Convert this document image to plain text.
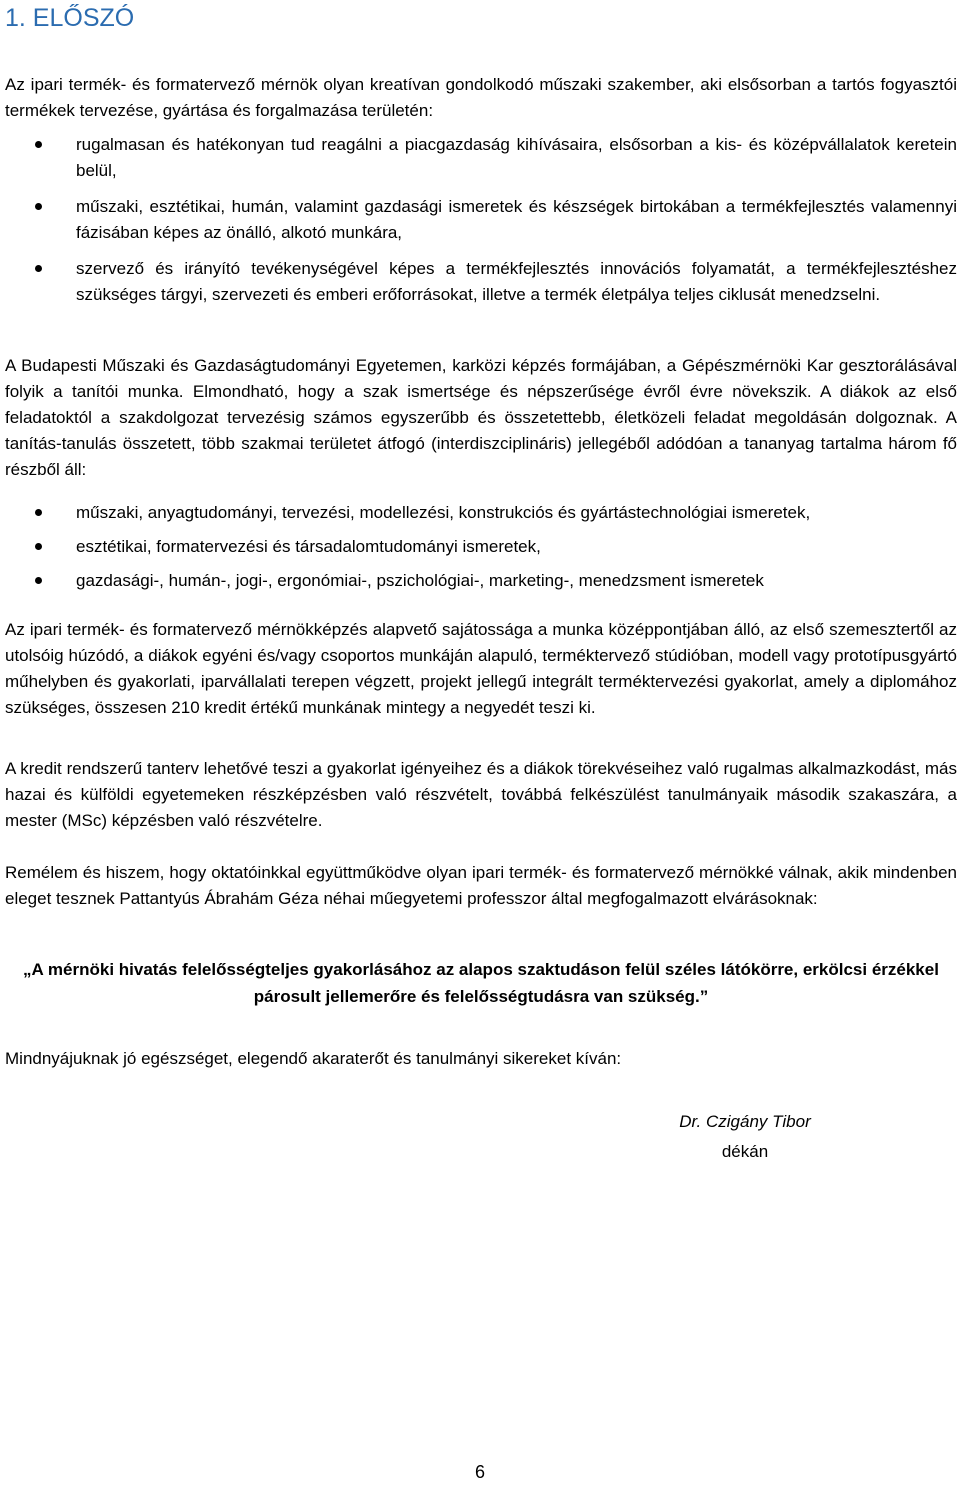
1. ELŐSZÓ

Az ipari termék- és formatervező mérnök olyan kreatívan gondolkodó műszaki szakember, aki elsősorban a tartós fogyasztói termékek tervezése, gyártása és forgalmazása területén:

rugalmasan és hatékonyan tud reagálni a piacgazdaság kihívásaira, elsősorban a kis- és középvállalatok keretein belül,
műszaki, esztétikai, humán, valamint gazdasági ismeretek és készségek birtokában a termékfejlesztés valamennyi fázisában képes az önálló, alkotó munkára,
szervező és irányító tevékenységével képes a termékfejlesztés innovációs folyamatát, a termékfejlesztéshez szükséges tárgyi, szervezeti és emberi erőforrásokat, illetve a termék életpálya teljes ciklusát menedzselni.

A Budapesti Műszaki és Gazdaságtudományi Egyetemen, karközi képzés formájában, a Gépészmérnöki Kar gesztorálásával folyik a tanítói munka. Elmondható, hogy a szak ismertsége és népszerűsége évről évre növekszik. A diákok az első feladatoktól a szakdolgozat tervezésig számos egyszerűbb és összetettebb, életközeli feladat megoldásán dolgoznak. A tanítás-tanulás összetett, több szakmai területet átfogó (interdiszciplináris) jellegéből adódóan a tananyag tartalma három fő részből áll:

műszaki, anyagtudományi, tervezési, modellezési, konstrukciós és gyártástechnológiai ismeretek,
esztétikai, formatervezési és társadalomtudományi ismeretek,
gazdasági-, humán-, jogi-, ergonómiai-, pszichológiai-, marketing-, menedzsment ismeretek

Az ipari termék- és formatervező mérnökképzés alapvető sajátossága a munka középpontjában álló, az első szemesztertől az utolsóig húzódó, a diákok egyéni és/vagy csoportos munkáján alapuló, terméktervező stúdióban, modell vagy prototípusgyártó műhelyben és gyakorlati, iparvállalati terepen végzett, projekt jellegű integrált terméktervezési gyakorlat, amely a diplomához szükséges, összesen 210 kredit értékű munkának mintegy a negyedét teszi ki.

A kredit rendszerű tanterv lehetővé teszi a gyakorlat igényeihez és a diákok törekvéseihez való rugalmas alkalmazkodást, más hazai és külföldi egyetemeken részképzésben való részvételt, továbbá felkészülést tanulmányaik második szakaszára, a mester (MSc) képzésben való részvételre.

Remélem és hiszem, hogy oktatóinkkal együttműködve olyan ipari termék- és formatervező mérnökké válnak, akik mindenben eleget tesznek Pattantyús Ábrahám Géza néhai műegyetemi professzor által megfogalmazott elvárásoknak:

„A mérnöki hivatás felelősségteljes gyakorlásához az alapos szaktudáson felül széles látókörre, erkölcsi érzékkel párosult jellemerőre és felelősségtudásra van szükség.”

Mindnyájuknak jó egészséget, elegendő akaraterőt és tanulmányi sikereket kíván:

Dr. Czigány Tibor
dékán
6
